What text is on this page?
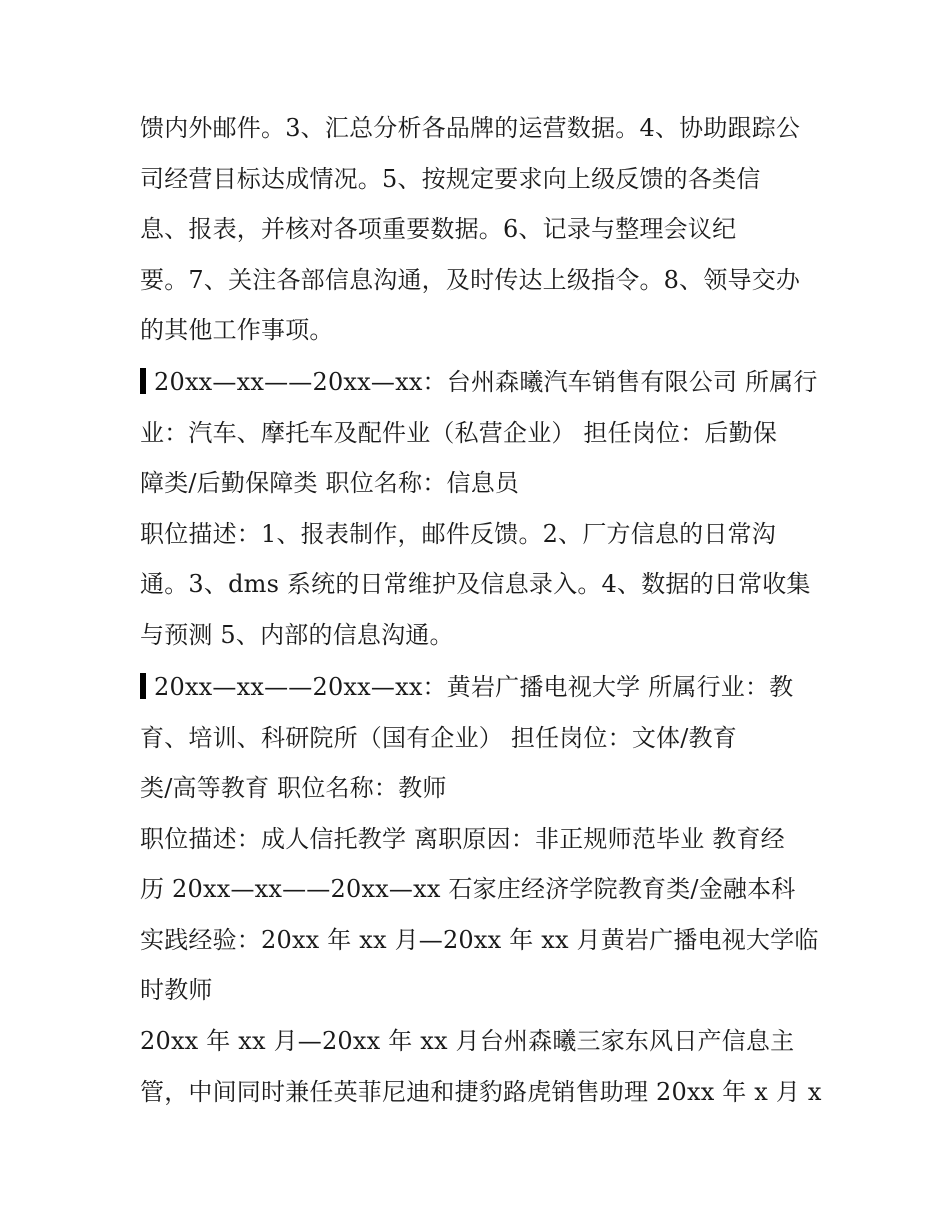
馈内外邮件。3、汇总分析各品牌的运营数据。4、协助跟踪公
司经营目标达成情况。5、按规定要求向上级反馈的各类信
息、报表，并核对各项重要数据。6、记录与整理会议纪
要。7、关注各部信息沟通，及时传达上级指令。8、领导交办
的其他工作事项。
20xx—xx——20xx—xx：台州森曦汽车销售有限公司 所属行
业：汽车、摩托车及配件业（私营企业） 担任岗位：后勤保
障类/后勤保障类 职位名称：信息员
职位描述：1、报表制作，邮件反馈。2、厂方信息的日常沟
通。3、dms 系统的日常维护及信息录入。4、数据的日常收集
与预测 5、内部的信息沟通。
20xx—xx——20xx—xx：黄岩广播电视大学 所属行业：教
育、培训、科研院所（国有企业） 担任岗位：文体/教育
类/高等教育 职位名称：教师
职位描述：成人信托教学 离职原因：非正规师范毕业 教育经
历 20xx—xx——20xx—xx 石家庄经济学院教育类/金融本科
实践经验：20xx 年 xx 月—20xx 年 xx 月黄岩广播电视大学临
时教师
20xx 年 xx 月—20xx 年 xx 月台州森曦三家东风日产信息主
管，中间同时兼任英菲尼迪和捷豹路虎销售助理 20xx 年 x 月 x
